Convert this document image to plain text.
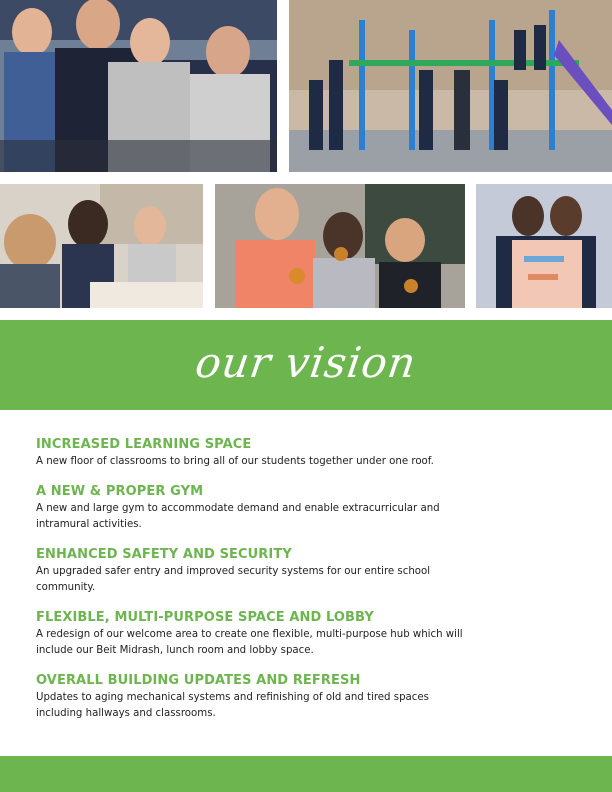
our vision
INCREASED LEARNING SPACE
A new floor of classrooms to bring all of our students together under one roof.
A NEW & PROPER GYM
A new and large gym to accommodate demand and enable extracurricular and intramural activities.
ENHANCED SAFETY AND SECURITY
An upgraded safer entry and improved security systems for our entire school community.
FLEXIBLE, MULTI-PURPOSE SPACE AND LOBBY
A redesign of our welcome area to create one flexible, multi-purpose hub which will include our Beit Midrash, lunch room and lobby space.
OVERALL BUILDING UPDATES AND REFRESH
Updates to aging mechanical systems and refinishing of old and tired spaces including hallways and classrooms.
